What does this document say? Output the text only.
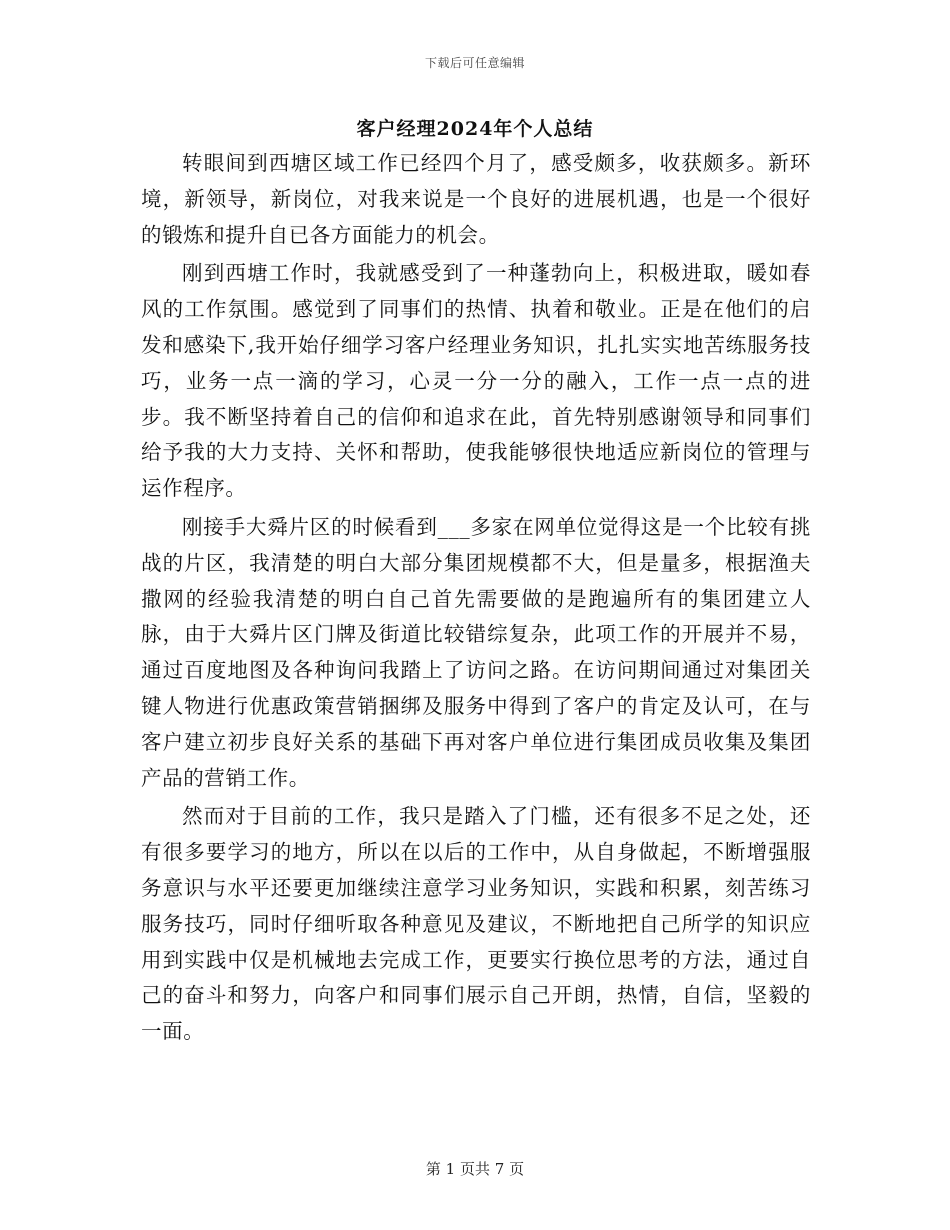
下载后可任意编辑
客户经理2024年个人总结

转眼间到西塘区域工作已经四个月了，感受颇多，收获颇多。新环境，新领导，新岗位，对我来说是一个良好的进展机遇，也是一个很好的锻炼和提升自已各方面能力的机会。

刚到西塘工作时，我就感受到了一种蓬勃向上，积极进取，暖如春风的工作氛围。感觉到了同事们的热情、执着和敬业。正是在他们的启发和感染下,我开始仔细学习客户经理业务知识，扎扎实实地苦练服务技巧，业务一点一滴的学习，心灵一分一分的融入，工作一点一点的进步。我不断坚持着自己的信仰和追求在此，首先特别感谢领导和同事们给予我的大力支持、关怀和帮助，使我能够很快地适应新岗位的管理与运作程序。

刚接手大舜片区的时候看到___多家在网单位觉得这是一个比较有挑战的片区，我清楚的明白大部分集团规模都不大，但是量多，根据渔夫撒网的经验我清楚的明白自己首先需要做的是跑遍所有的集团建立人脉，由于大舜片区门牌及街道比较错综复杂，此项工作的开展并不易，通过百度地图及各种询问我踏上了访问之路。在访问期间通过对集团关键人物进行优惠政策营销捆绑及服务中得到了客户的肯定及认可，在与客户建立初步良好关系的基础下再对客户单位进行集团成员收集及集团产品的营销工作。

然而对于目前的工作，我只是踏入了门槛，还有很多不足之处，还有很多要学习的地方，所以在以后的工作中，从自身做起，不断增强服务意识与水平还要更加继续注意学习业务知识，实践和积累，刻苦练习服务技巧，同时仔细听取各种意见及建议，不断地把自己所学的知识应用到实践中仅是机械地去完成工作，更要实行换位思考的方法，通过自己的奋斗和努力，向客户和同事们展示自己开朗，热情，自信，坚毅的一面。

第 1 页共 7 页
